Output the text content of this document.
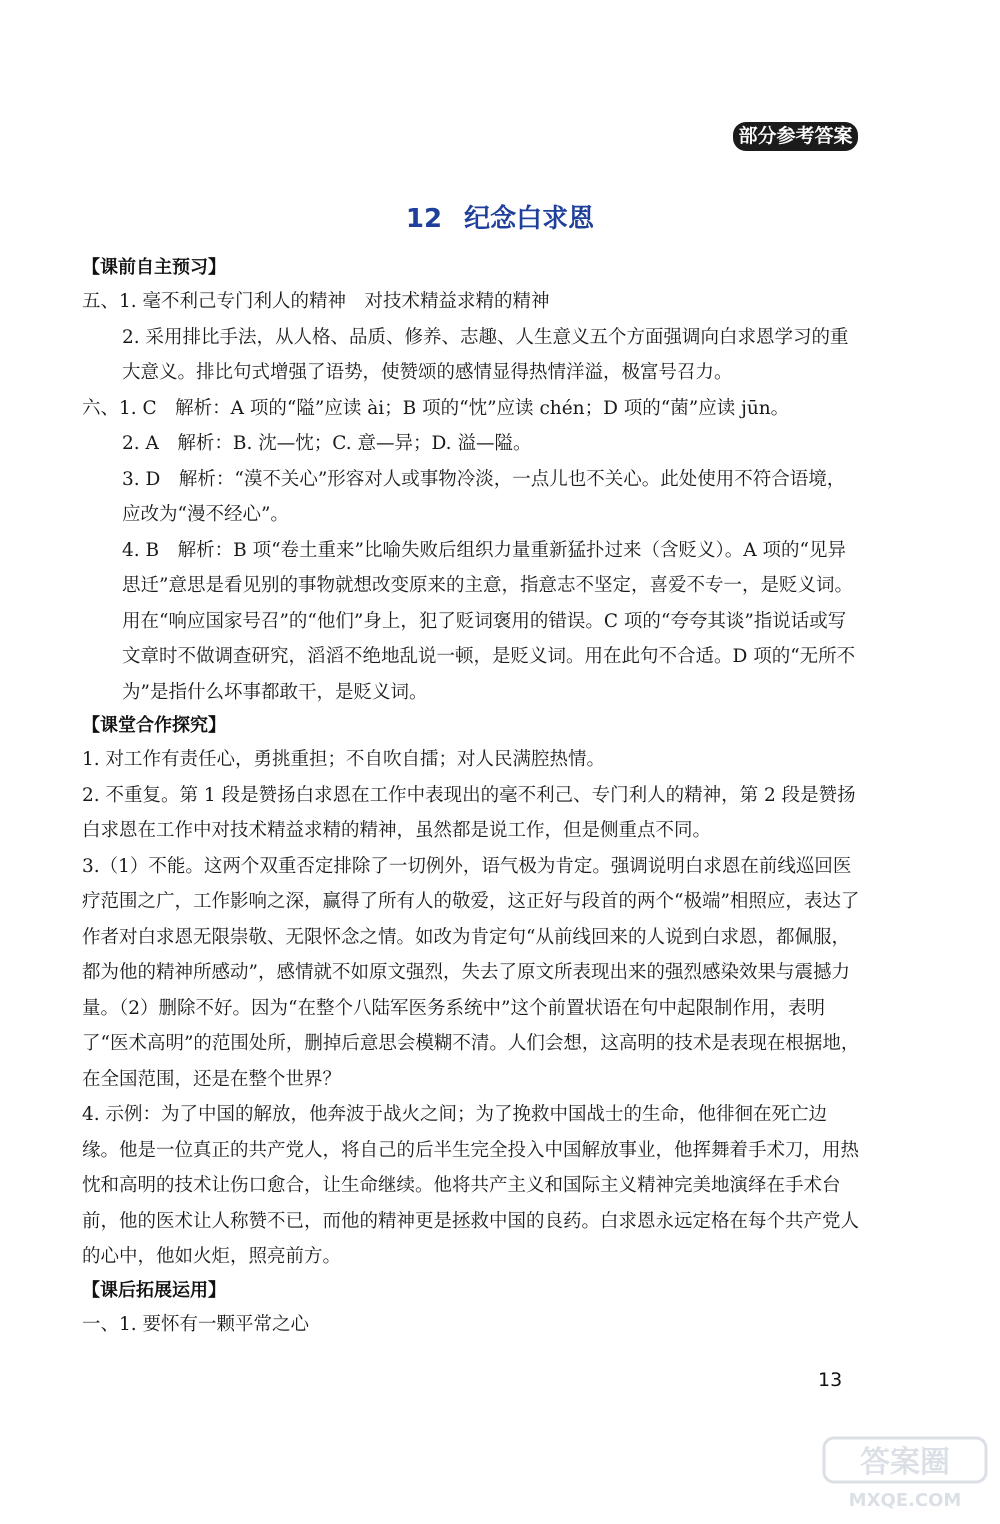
部分参考答案
12 纪念白求恩
【课前自主预习】
五、1. 毫不利己专门利人的精神　对技术精益求精的精神
2. 采用排比手法，从人格、品质、修养、志趣、人生意义五个方面强调向白求恩学习的重大意义。排比句式增强了语势，使赞颂的感情显得热情洋溢，极富号召力。
六、1. C　解析：A 项的“隘”应读 ài；B 项的“忱”应读 chén；D 项的“菌”应读 jūn。
2. A　解析：B. 沈—忱；C. 意—异；D. 溢—隘。
3. D　解析：“漠不关心”形容对人或事物冷淡，一点儿也不关心。此处使用不符合语境，应改为“漫不经心”。
4. B　解析：B 项“卷土重来”比喻失败后组织力量重新猛扑过来（含贬义）。A 项的“见异思迁”意思是看见别的事物就想改变原来的主意，指意志不坚定，喜爱不专一，是贬义词。用在“响应国家号召”的“他们”身上，犯了贬词褒用的错误。C 项的“夸夸其谈”指说话或写文章时不做调查研究，滔滔不绝地乱说一顿，是贬义词。用在此句不合适。D 项的“无所不为”是指什么坏事都敢干，是贬义词。
【课堂合作探究】
1. 对工作有责任心，勇挑重担；不自吹自擂；对人民满腔热情。
2. 不重复。第 1 段是赞扬白求恩在工作中表现出的毫不利己、专门利人的精神，第 2 段是赞扬白求恩在工作中对技术精益求精的精神，虽然都是说工作，但是侧重点不同。
3.（1）不能。这两个双重否定排除了一切例外，语气极为肯定。强调说明白求恩在前线巡回医疗范围之广，工作影响之深，赢得了所有人的敬爱，这正好与段首的两个“极端”相照应，表达了作者对白求恩无限崇敬、无限怀念之情。如改为肯定句“从前线回来的人说到白求恩，都佩服，都为他的精神所感动”，感情就不如原文强烈，失去了原文所表现出来的强烈感染效果与震撼力量。（2）删除不好。因为“在整个八陆军医务系统中”这个前置状语在句中起限制作用，表明了“医术高明”的范围处所，删掉后意思会模糊不清。人们会想，这高明的技术是表现在根据地，在全国范围，还是在整个世界？
4. 示例：为了中国的解放，他奔波于战火之间；为了挽救中国战士的生命，他徘徊在死亡边缘。他是一位真正的共产党人，将自己的后半生完全投入中国解放事业，他挥舞着手术刀，用热忱和高明的技术让伤口愈合，让生命继续。他将共产主义和国际主义精神完美地演绎在手术台前，他的医术让人称赞不已，而他的精神更是拯救中国的良药。白求恩永远定格在每个共产党人的心中，他如火炬，照亮前方。
【课后拓展运用】
一、1. 要怀有一颗平常之心
13
答案圈
MXQE.COM
